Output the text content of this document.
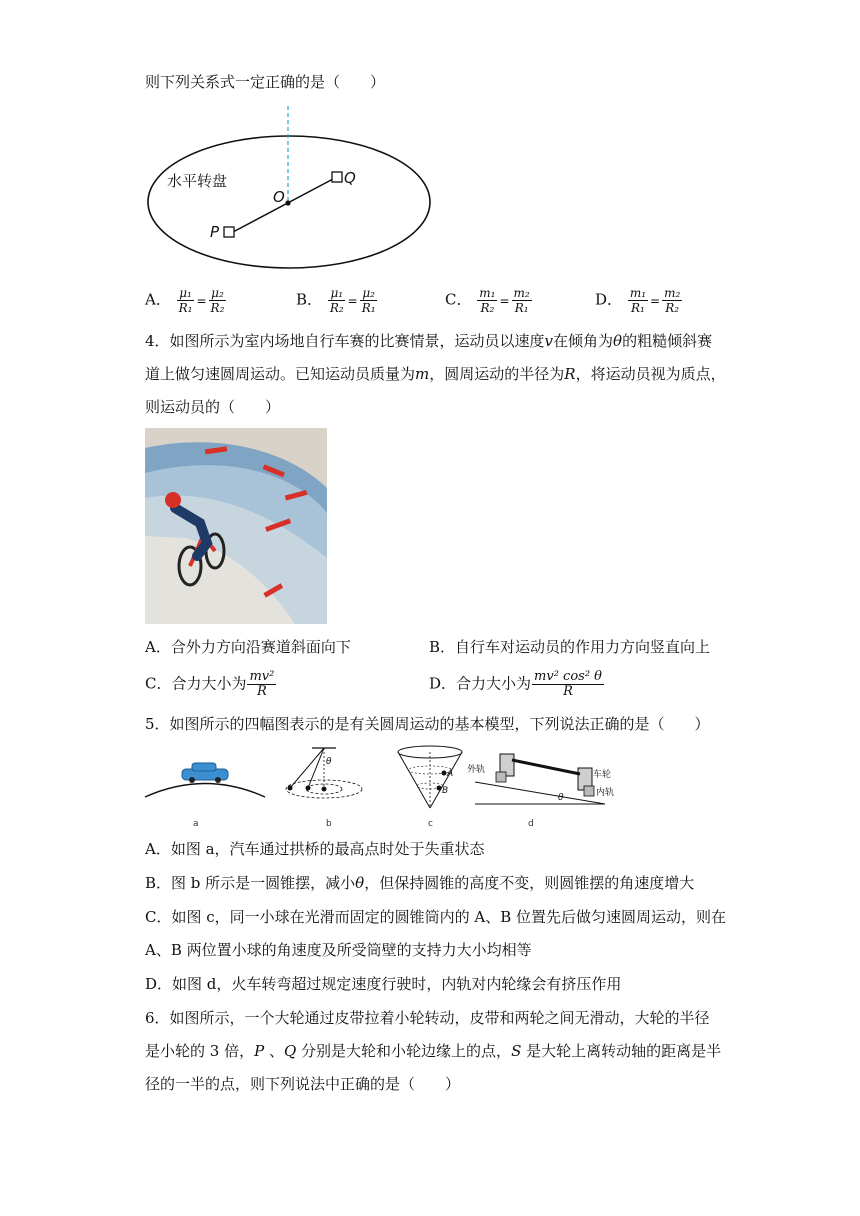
则下列关系式一定正确的是（　　）
水平转盘
O
P
Q
A． $\frac{\text{μ₁}}{\text{R₁}} = \frac{\text{μ₂}}{\text{R₂}}$	B． $\frac{\text{μ₁}}{\text{R₂}} = \frac{\text{μ₂}}{\text{R₁}}$	C． $\frac{\text{m₁}}{\text{R₂}} = \frac{\text{m₂}}{\text{R₁}}$	D． $\frac{\text{m₁}}{\text{R₁}} = \frac{\text{m₂}}{\text{R₂}}$
4．如图所示为室内场地自行车赛的比赛情景，运动员以速度v在倾角为θ的粗糙倾斜赛
道上做匀速圆周运动。已知运动员质量为m，圆周运动的半径为R，将运动员视为质点，
则运动员的（　　）
A．合外力方向沿赛道斜面向下	B．自行车对运动员的作用力方向竖直向上
C．合力大小为 $\frac{\text{mv²}}{R}$	D．合力大小为 $\frac{\text{mv² cos² θ}}{R}$
5．如图所示的四幅图表示的是有关圆周运动的基本模型，下列说法正确的是（　　）
a
θ
b
A
B
c
θ
外轨	车轮
内轨
d
A．如图 a，汽车通过拱桥的最高点时处于失重状态
B．图 b 所示是一圆锥摆，减小θ，但保持圆锥的高度不变，则圆锥摆的角速度增大
C．如图 c，同一小球在光滑而固定的圆锥筒内的 A、B 位置先后做匀速圆周运动，则在
A、B 两位置小球的角速度及所受筒壁的支持力大小均相等
D．如图 d，火车转弯超过规定速度行驶时，内轨对内轮缘会有挤压作用
6．如图所示，一个大轮通过皮带拉着小轮转动，皮带和两轮之间无滑动，大轮的半径
是小轮的 3 倍，P 、Q 分别是大轮和小轮边缘上的点，S 是大轮上离转动轴的距离是半
径的一半的点，则下列说法中正确的是（　　）
